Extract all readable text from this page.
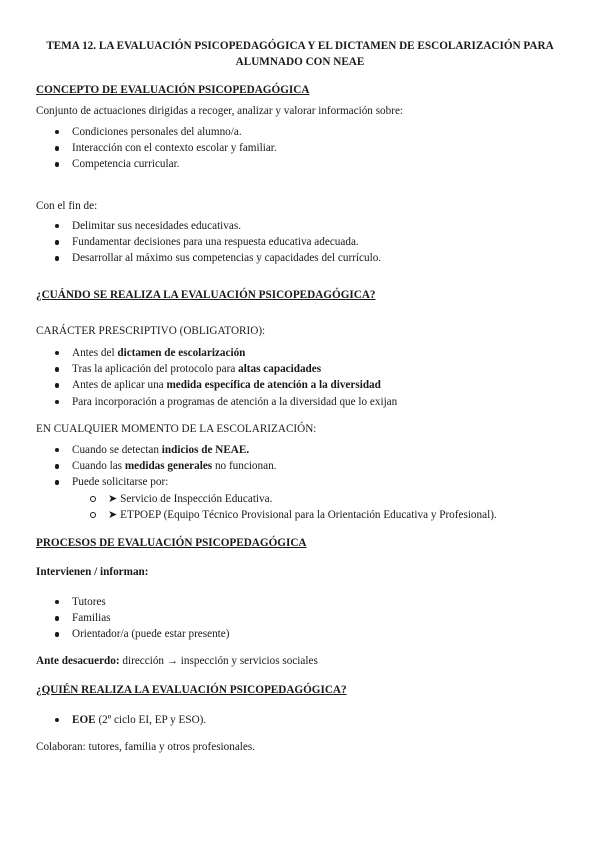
TEMA 12. LA EVALUACIÓN PSICOPEDAGÓGICA Y EL DICTAMEN DE ESCOLARIZACIÓN PARA
ALUMNADO CON NEAE
CONCEPTO DE EVALUACIÓN PSICOPEDAGÓGICA
Conjunto de actuaciones dirigidas a recoger, analizar y valorar información sobre:
Condiciones personales del alumno/a.
Interacción con el contexto escolar y familiar.
Competencia curricular.
Con el fin de:
Delimitar sus necesidades educativas.
Fundamentar decisiones para una respuesta educativa adecuada.
Desarrollar al máximo sus competencias y capacidades del currículo.
¿CUÁNDO SE REALIZA LA EVALUACIÓN PSICOPEDAGÓGICA?
CARÁCTER PRESCRIPTIVO (OBLIGATORIO):
Antes del dictamen de escolarización
Tras la aplicación del protocolo para altas capacidades
Antes de aplicar una medida específica de atención a la diversidad
Para incorporación a programas de atención a la diversidad que lo exijan
EN CUALQUIER MOMENTO DE LA ESCOLARIZACIÓN:
Cuando se detectan indicios de NEAE.
Cuando las medidas generales no funcionan.
Puede solicitarse por:
➤ Servicio de Inspección Educativa.
➤ ETPOEP (Equipo Técnico Provisional para la Orientación Educativa y Profesional).
PROCESOS DE EVALUACIÓN PSICOPEDAGÓGICA
Intervienen / informan:
Tutores
Familias
Orientador/a (puede estar presente)
Ante desacuerdo: dirección → inspección y servicios sociales
¿QUIÉN REALIZA LA EVALUACIÓN PSICOPEDAGÓGICA?
EOE (2º ciclo EI, EP y ESO).
Colaboran: tutores, familia y otros profesionales.
